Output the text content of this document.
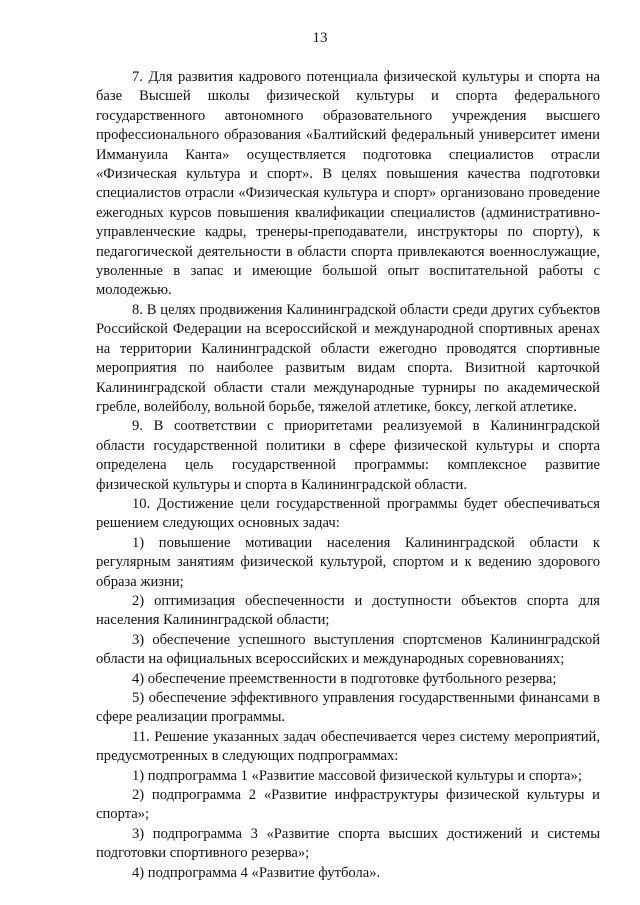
13

7. Для развития кадрового потенциала физической культуры и спорта на базе Высшей школы физической культуры и спорта федерального государственного автономного образовательного учреждения высшего профессионального образования «Балтийский федеральный университет имени Иммануила Канта» осуществляется подготовка специалистов отрасли «Физическая культура и спорт». В целях повышения качества подготовки специалистов отрасли «Физическая культура и спорт» организовано проведение ежегодных курсов повышения квалификации специалистов (административно-управленческие кадры, тренеры-преподаватели, инструкторы по спорту), к педагогической деятельности в области спорта привлекаются военнослужащие, уволенные в запас и имеющие большой опыт воспитательной работы с молодежью.

8. В целях продвижения Калининградской области среди других субъектов Российской Федерации на всероссийской и международной спортивных аренах на территории Калининградской области ежегодно проводятся спортивные мероприятия по наиболее развитым видам спорта. Визитной карточкой Калининградской области стали международные турниры по академической гребле, волейболу, вольной борьбе, тяжелой атлетике, боксу, легкой атлетике.

9. В соответствии с приоритетами реализуемой в Калининградской области государственной политики в сфере физической культуры и спорта определена цель государственной программы: комплексное развитие физической культуры и спорта в Калининградской области.

10. Достижение цели государственной программы будет обеспечиваться решением следующих основных задач:

1) повышение мотивации населения Калининградской области к регулярным занятиям физической культурой, спортом и к ведению здорового образа жизни;

2) оптимизация обеспеченности и доступности объектов спорта для населения Калининградской области;

3) обеспечение успешного выступления спортсменов Калининградской области на официальных всероссийских и международных соревнованиях;

4) обеспечение преемственности в подготовке футбольного резерва;

5) обеспечение эффективного управления государственными финансами в сфере реализации программы.

11. Решение указанных задач обеспечивается через систему мероприятий, предусмотренных в следующих подпрограммах:

1) подпрограмма 1 «Развитие массовой физической культуры и спорта»;

2) подпрограмма 2 «Развитие инфраструктуры физической культуры и спорта»;

3) подпрограмма 3 «Развитие спорта высших достижений и системы подготовки спортивного резерва»;

4) подпрограмма 4 «Развитие футбола».
